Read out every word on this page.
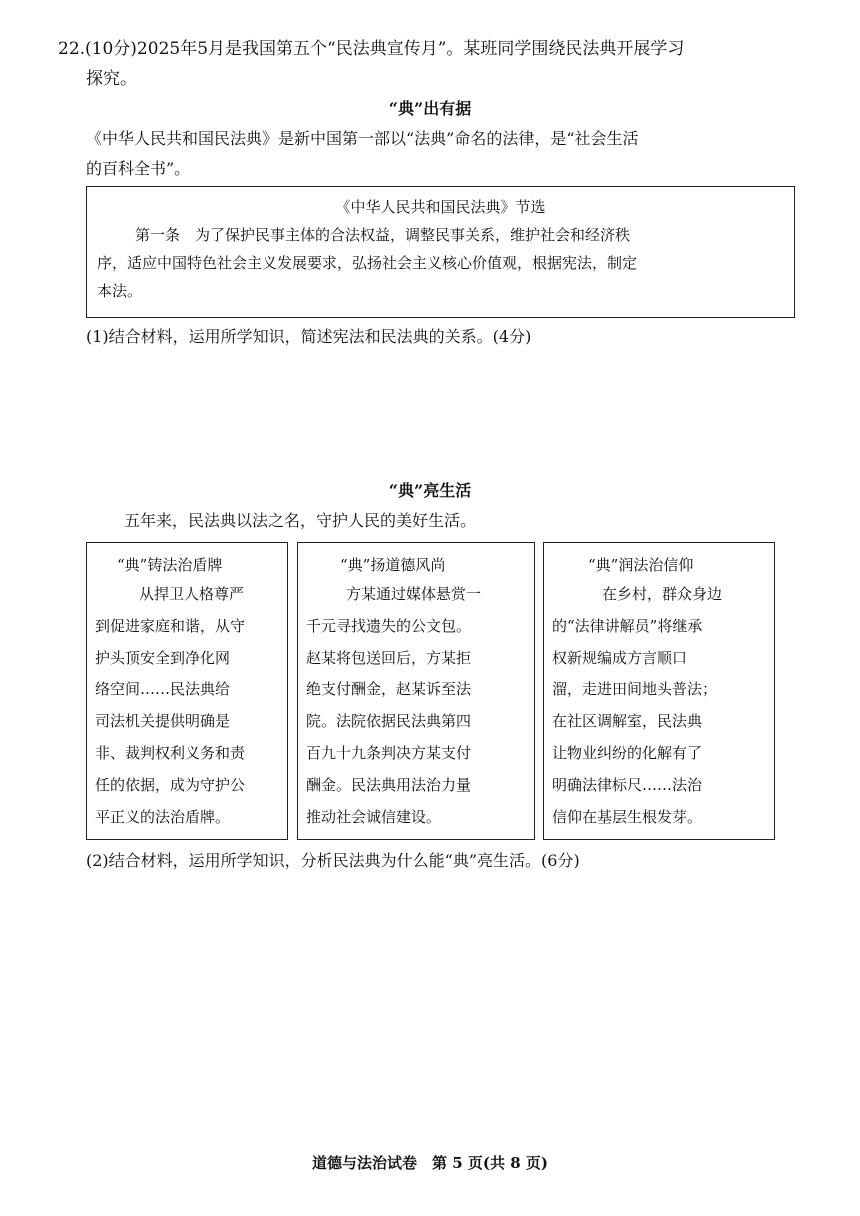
22.(10分)2025年5月是我国第五个“民法典宣传月”。某班同学围绕民法典开展学习
探究。
“典”出有据
《中华人民共和国民法典》是新中国第一部以“法典”命名的法律，是“社会生活
的百科全书”。
《中华人民共和国民法典》节选
第一条　为了保护民事主体的合法权益，调整民事关系，维护社会和经济秩
序，适应中国特色社会主义发展要求，弘扬社会主义核心价值观，根据宪法，制定
本法。
(1)结合材料，运用所学知识，简述宪法和民法典的关系。(4分)
“典”亮生活
五年来，民法典以法之名，守护人民的美好生活。
“典”铸法治盾牌
从捍卫人格尊严
到促进家庭和谐，从守
护头顶安全到净化网
络空间……民法典给
司法机关提供明确是
非、裁判权利义务和责
任的依据，成为守护公
平正义的法治盾牌。
“典”扬道德风尚
方某通过媒体悬赏一
千元寻找遗失的公文包。
赵某将包送回后，方某拒
绝支付酬金，赵某诉至法
院。法院依据民法典第四
百九十九条判决方某支付
酬金。民法典用法治力量
推动社会诚信建设。
“典”润法治信仰
在乡村，群众身边
的“法律讲解员”将继承
权新规编成方言顺口
溜，走进田间地头普法；
在社区调解室，民法典
让物业纠纷的化解有了
明确法律标尺……法治
信仰在基层生根发芽。
(2)结合材料，运用所学知识，分析民法典为什么能“典”亮生活。(6分)
道德与法治试卷　第 5 页(共 8 页)
